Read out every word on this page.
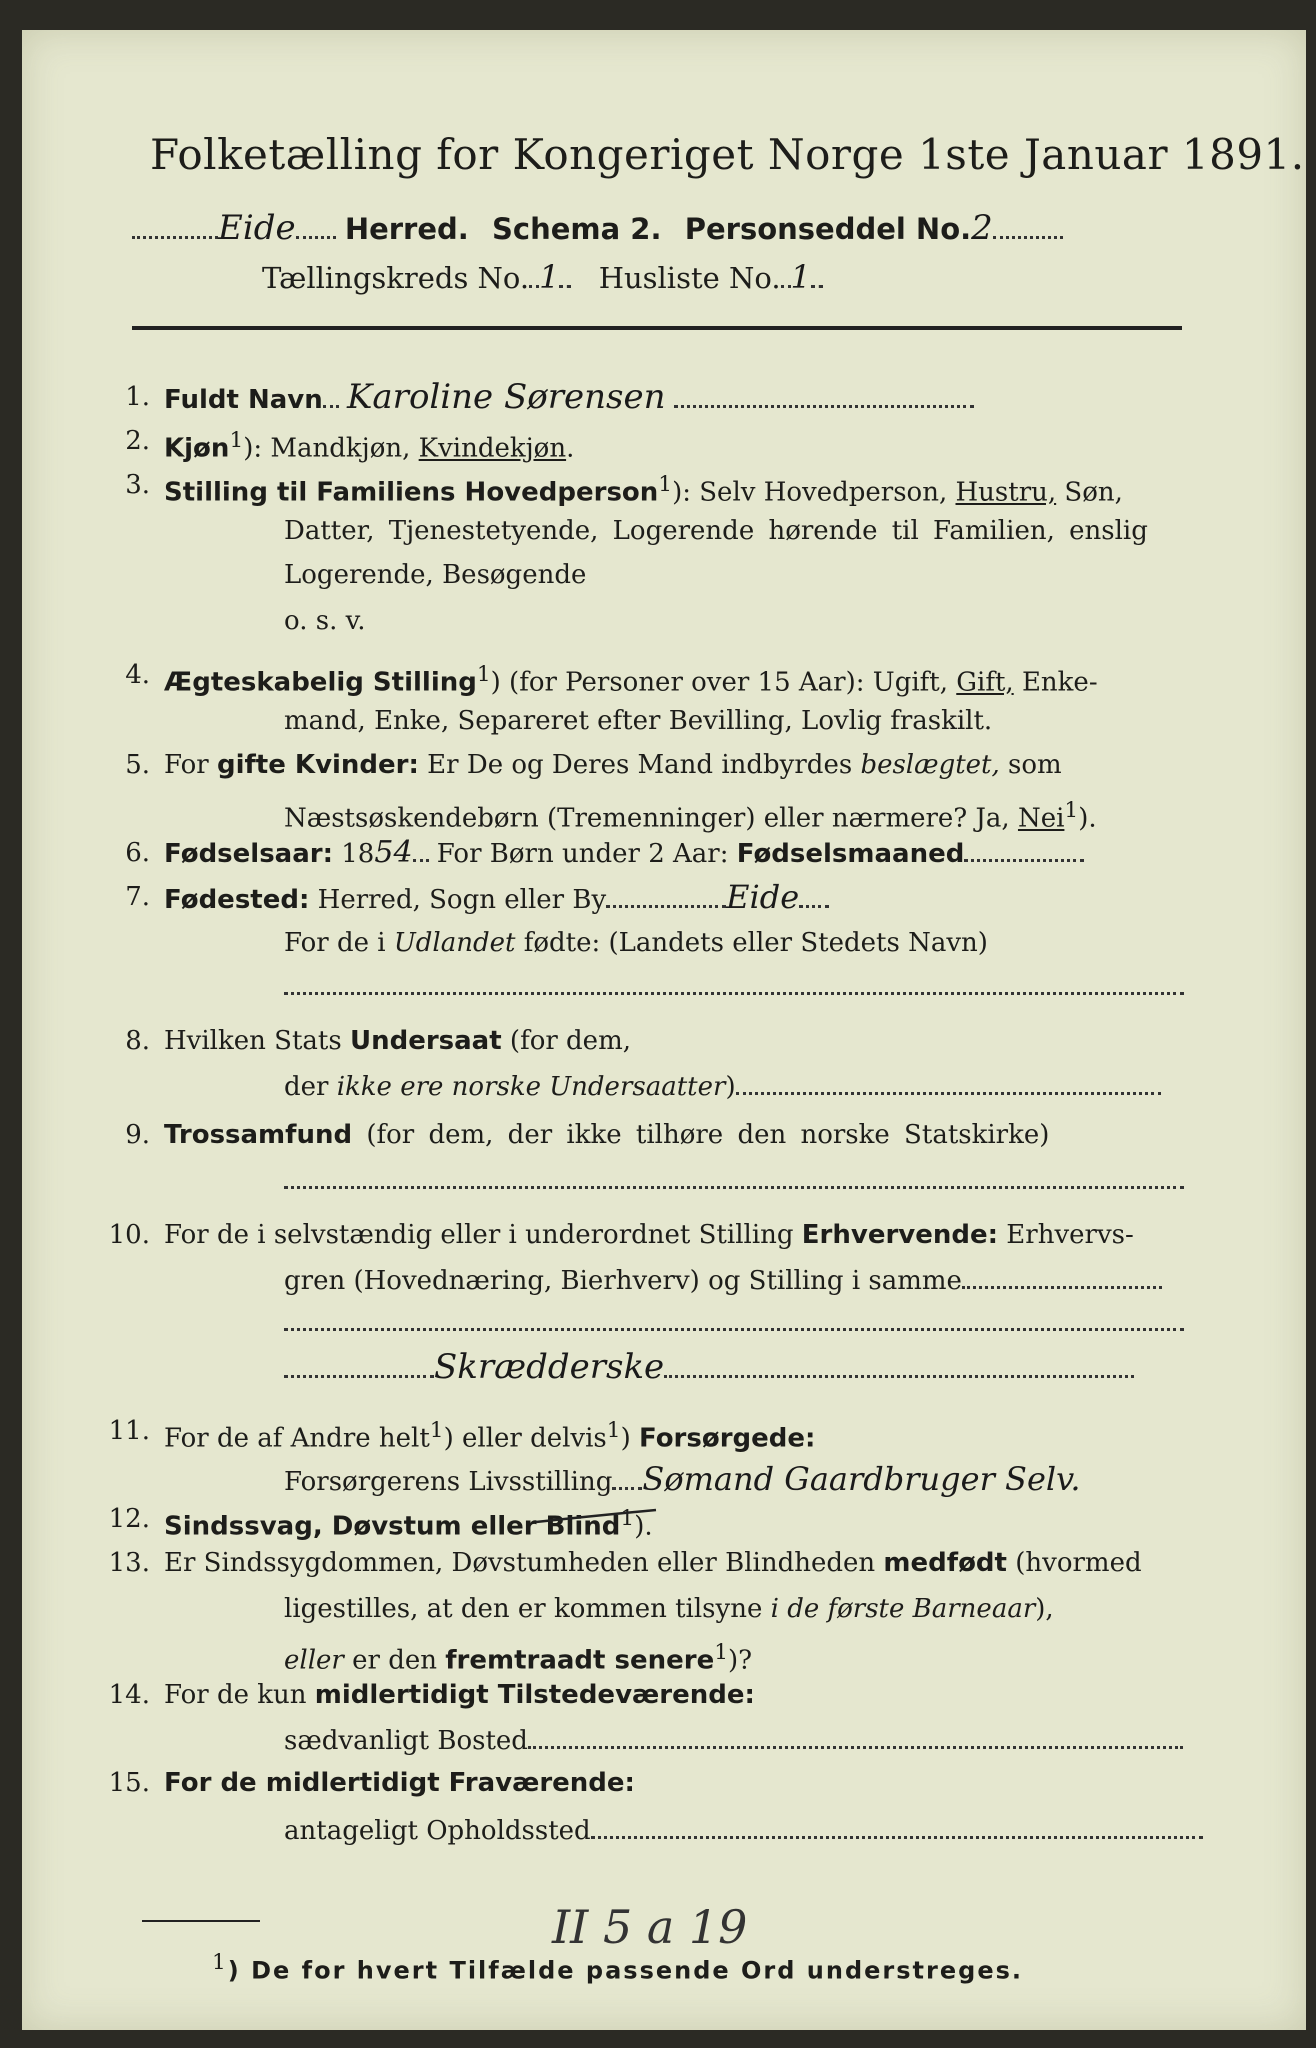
Folketælling for Kongeriget Norge 1ste Januar 1891.
Eide Herred. Schema 2. Personseddel No.2
Tællingskreds No. 1 Husliste No. 1
1. Fuldt Navn Karoline Sørensen
2. Kjøn$^1$): Mandkjøn, Kvindekjøn.
3. Stilling til Familiens Hovedperson$^1$): Selv Hovedperson, Hustru, Søn,
Datter, Tjenestetyende, Logerende hørende til Familien, enslig
Logerende, Besøgende
o. s. v.
4. Ægteskabelig Stilling$^1$) (for Personer over 15 Aar): Ugift, Gift, Enke-
mand, Enke, Separeret efter Bevilling, Lovlig fraskilt.
5. For gifte Kvinder: Er De og Deres Mand indbyrdes beslægtet, som
Næstsøskendebørn (Tremenninger) eller nærmere? Ja, Nei$^1$).
6. Fødselsaar: 1854 For Børn under 2 Aar: Fødselsmaaned
7. Fødested: Herred, Sogn eller By	Eide
For de i Udlandet fødte: (Landets eller Stedets Navn)
8. Hvilken Stats Undersaat (for dem,
der ikke ere norske Undersaatter)
9. Trossamfund (for dem, der ikke tilhøre den norske Statskirke)
10. For de i selvstændig eller i underordnet Stilling Erhvervende: Erhvervs-
gren (Hovednæring, Bierhverv) og Stilling i samme
Skrædderske
11. For de af Andre helt$^1$) eller delvis$^1$) Forsørgede:
Forsørgerens Livsstilling Sømand Gaardbruger Selv.
12. Sindssvag, Døvstum eller Blind$^1$).
13. Er Sindssygdommen, Døvstumheden eller Blindheden medfødt (hvormed
ligestilles, at den er kommen tilsyne i de første Barneaar),
eller er den fremtraadt senere$^1$)?
14. For de kun midlertidigt Tilstedeværende:
sædvanligt Bosted
15. For de midlertidigt Fraværende:
antageligt Opholdssted
$^1$) De for hvert Tilfælde passende Ord understreges.
II 5 a 19
